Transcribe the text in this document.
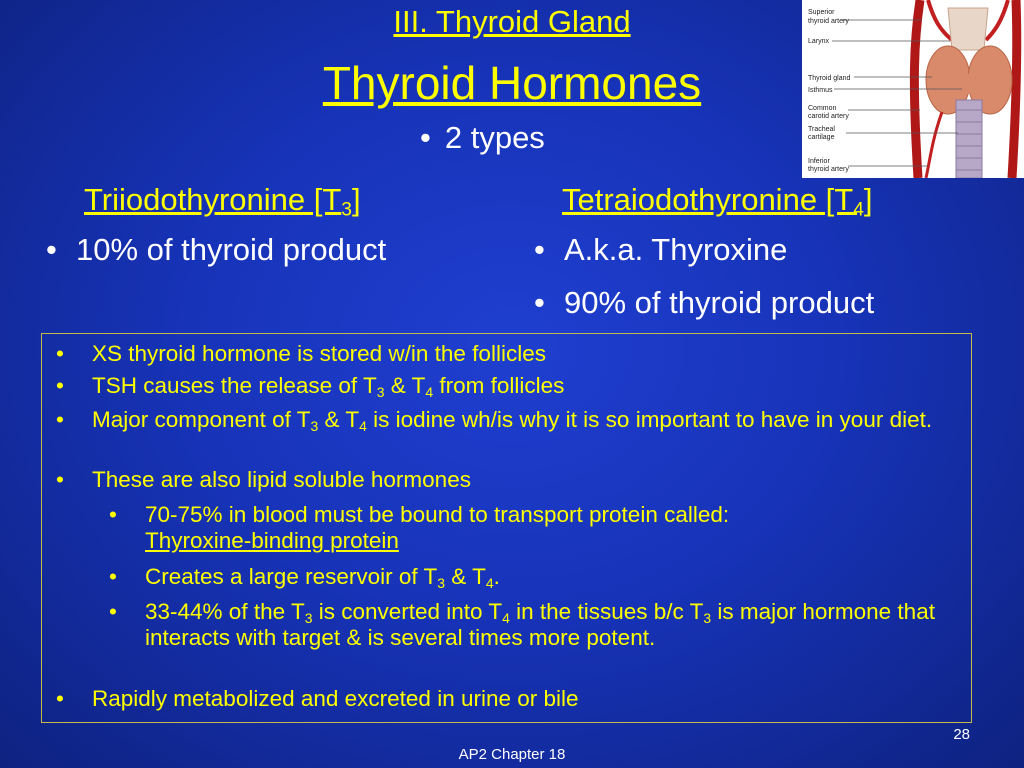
III. Thyroid Gland
Thyroid Hormones
• 2 types
Triiodothyronine $[T_3]$	Tetraiodothyronine $[T_4]$
• 10% of thyroid product	• A.k.a. Thyroxine
• 90% of thyroid product
Superior
thyroid artery
Larynx
Thyroid gland
Isthmus
Common
carotid artery
Tracheal
cartilage
Inferior
thyroid artery
• XS thyroid hormone is stored w/in the follicles
• TSH causes the release of $T_3$ & $T_4$ from follicles
• Major component of $T_3$ & $T_4$ is iodine wh/is why it is so important to have in your diet.
• These are also lipid soluble hormones
• 70-75% in blood must be bound to transport protein called:
Thyroxine-binding protein
• Creates a large reservoir of $T_3$ & $T_4$.
• 33-44% of the $T_3$ is converted into $T_4$ in the tissues b/c $T_3$ is major hormone that interacts with target & is several times more potent.
• Rapidly metabolized and excreted in urine or bile
28
AP2 Chapter 18
